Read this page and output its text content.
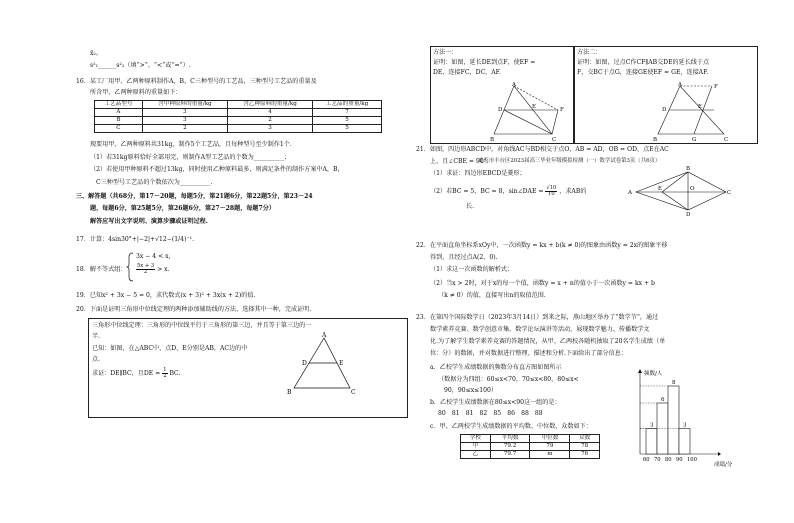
x̄₂。
s²₁______s²₂（填“>”、“<”或“=”）.
16．某工厂用甲、乙两种原料制作A，B，C三种型号的工艺品，三种型号工艺品的重量及
所含甲、乙两种原料的重量如下：
工艺品型号	含甲种原料的重量/kg	含乙种原料的重量/kg	工艺品的重量/kg
A	3	4	7
B	3	2	5
C	2	3	5
现要用甲、乙两种原料共31kg，制作5个工艺品，且每种型号至少制作1个.
（1）若31kg原料恰好全部用完，则制作A型工艺品的个数为__________；
（2）若使用甲种原料不超过13kg，同时使用乙种原料最多，则满足条件的制作方案中A，B，
C三种型号工艺品的个数依次为__________.
三、解答题（共68分，第17－20题，每题5分，第21题6分，第22题5分，第23－24
题，每题6分，第25题5分，第26题6分，第27－28题，每题7分）
解答应写出文字说明、演算步骤或证明过程.
17．计算：4sin30°+|−2|+√12−(1/4)⁻¹.
18．解不等式组：
3x − 4 < x,
$\frac{5x + 3}{2} > x$.
19．已知x² + 3x − 5 = 0，求代数式(x + 3)² + 3x(x + 2)的值.
20．下面是证明三角形中位线定理的两种添加辅助线的方法，选择其中一种，完成证明.
三角形中位线定理：三角形的中位线平行于三角形的第三边，并且等于第三边的一
半.
已知：如图，在△ABC中，点D，E分别是AB，AC边的中
点.
求证：DE∥BC，且DE = $\frac{1}{2}$ BC.
A
B	C
D	E
方法一：
证明：如图，延长DE到点F，使EF =
DE，连接FC，DC，AF.
方法二：
证明：如图，过点C作CF∥AB交DE的延长线于点
F，交BC于点G，连接GE使EF = GE，连接AF.
A
B	C
D	E	F
A
B	C
D	E
F
G
21．如图，四边形ABCD中，对角线AC与BD相交于点O，AB = AD，OB = OD，点E在AC
上，且∠CBE = 90°.
北京市丰台区2023届高三毕业年级模拟检测（一）数学试卷第3页（共6页）
（1）求证：四边形EBCD是菱形；
（2）若BC = 5，BC = 8，sin∠DAE = $\frac{√10}{10}$ ，求AB的
长.
A
B
C
D
E	O
22．在平面直角坐标系xOy中，一次函数y = kx + b(k ≠ 0)的图象由函数y = 2x的图象平移
得到，且经过点A(2，0).
（1）求这一次函数的解析式；
（2）当x > 2时，对于x的每一个值，函数y = x + n的值小于一次函数y = kx + b
（k ≠ 0）的值，直接写出n的取值范围.
23．在第四个国际数学日（2023年3月14日）到来之际，燕山地区举办了“数学节”，通过
数学素养竞赛、数学创意市集、数学论坛演讲等活动，展现数学魅力、传播数学文
化.为了解学生数学素养竞赛的答题情况，从甲、乙两校各随机抽取了20名学生成绩（单
位：分）的数据，并对数据进行整理、描述和分析.下面给出了部分信息：
a．乙校学生成绩数据的频数分布直方图如图所示
（数据分为四组：60≤x<70，70≤x<80，80≤x<
90，90≤x≤100）
b．乙校学生成绩数据在80≤x<90这一组的是：
80　81　81　82　85　86　88　88
c．甲、乙两校学生成绩数据的平均数、中位数、众数如下：
学校	平均数	中位数	众数
甲	79.2	79	78
乙	79.7	m	76
频数/人
成绩/分
3
6
8
3
60 70 80 90 100
